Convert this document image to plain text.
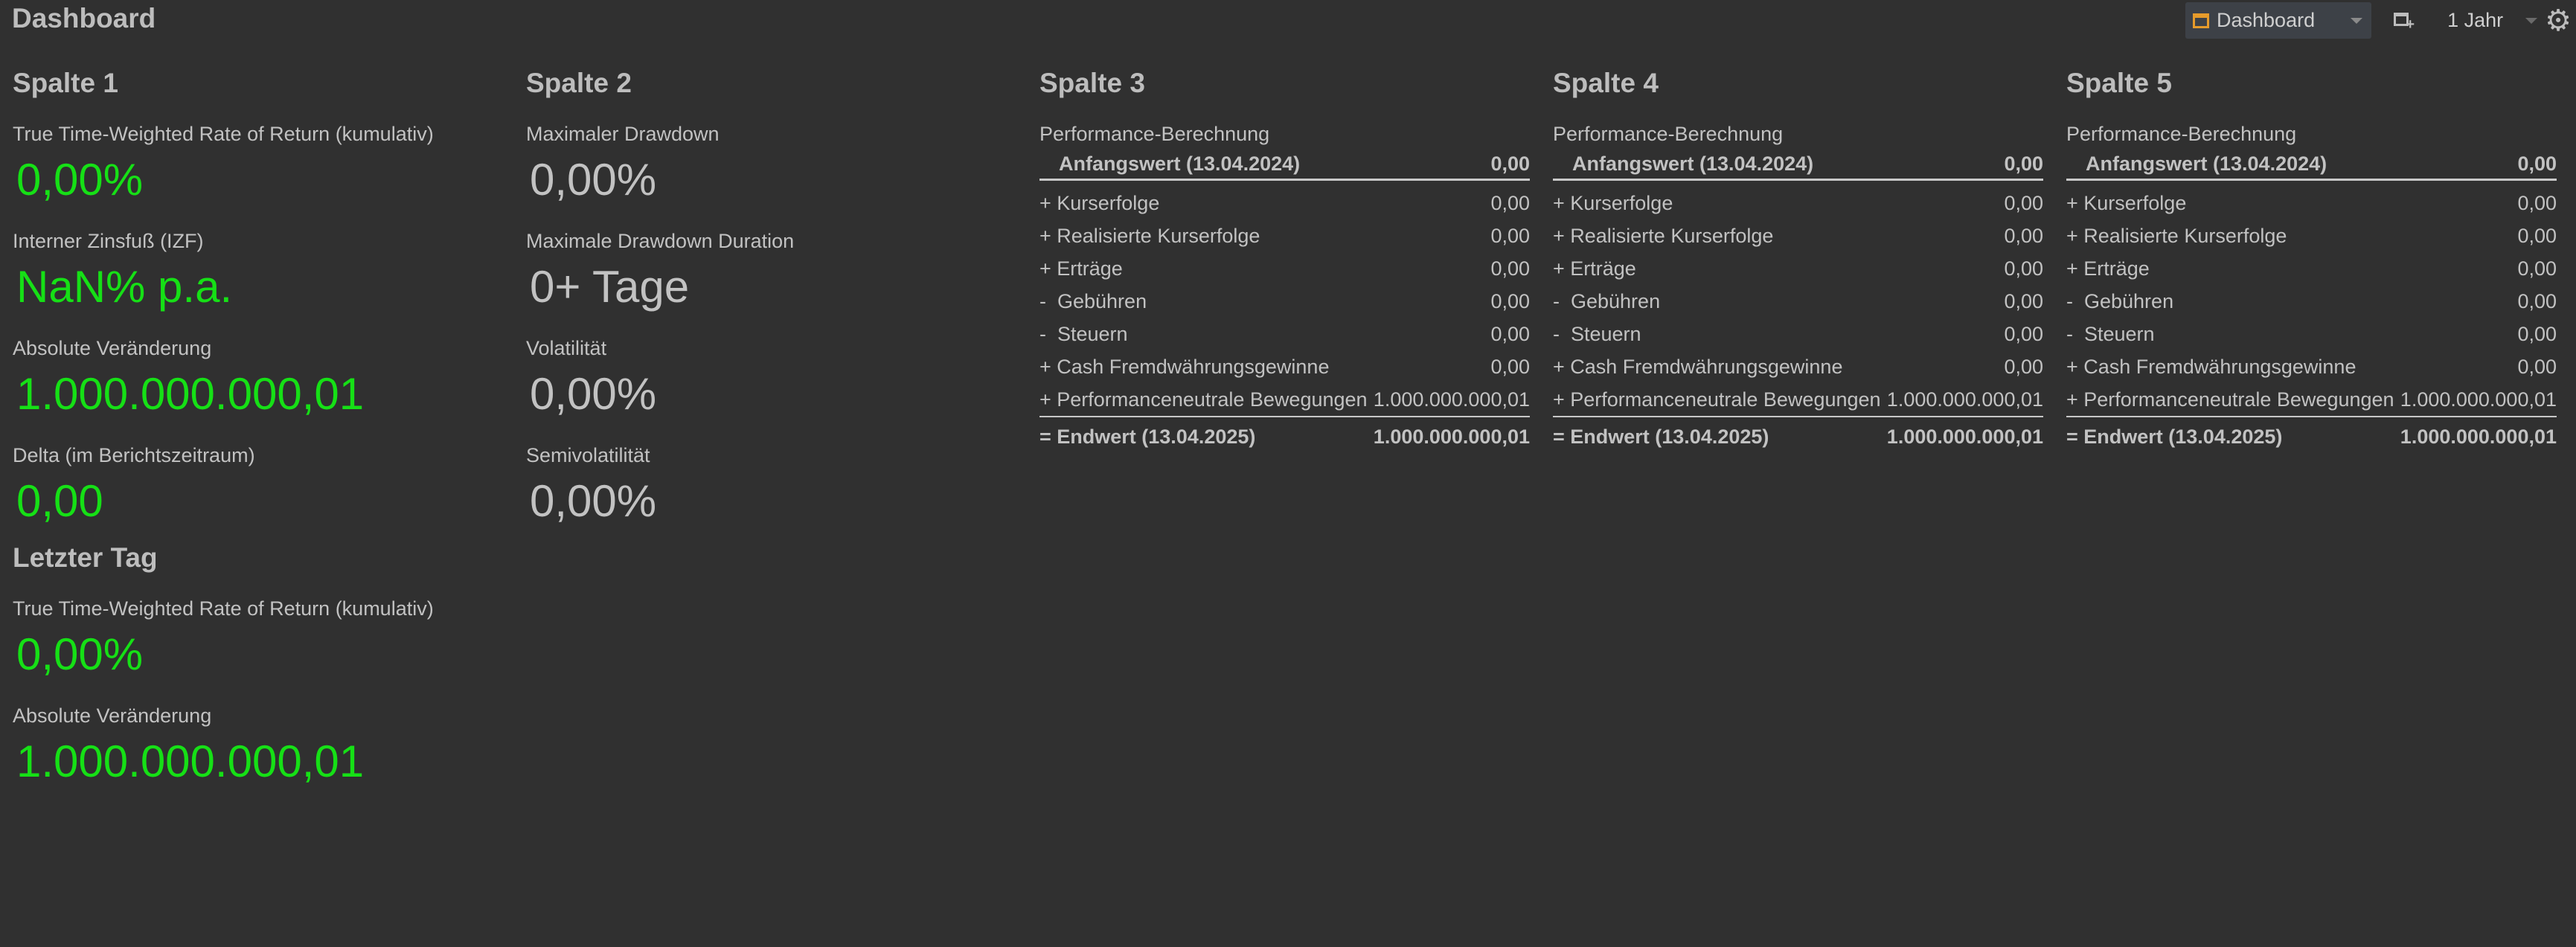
Dashboard	Dashboard	+ 1 Jahr ⚙
Spalte 1
True Time-Weighted Rate of Return (kumulativ)
0,00%
Interner Zinsfuß (IZF)
NaN% p.a.
Absolute Veränderung
1.000.000.000,01
Delta (im Berichtszeitraum)
0,00
Letzter Tag
True Time-Weighted Rate of Return (kumulativ)
0,00%
Absolute Veränderung
1.000.000.000,01
Spalte 2
Maximaler Drawdown
0,00%
Maximale Drawdown Duration
0+ Tage
Volatilität
0,00%
Semivolatilität
0,00%
Spalte 3
Performance-Berechnung
Anfangswert (13.04.2024)	0,00
+ Kurserfolge	0,00
+ Realisierte Kurserfolge	0,00
+ Erträge	0,00
-  Gebühren	0,00
-  Steuern	0,00
+ Cash Fremdwährungsgewinne	0,00
+ Performanceneutrale Bewegungen 1.000.000.000,01
= Endwert (13.04.2025)	1.000.000.000,01
Spalte 4
Performance-Berechnung
Anfangswert (13.04.2024)	0,00
+ Kurserfolge	0,00
+ Realisierte Kurserfolge	0,00
+ Erträge	0,00
-  Gebühren	0,00
-  Steuern	0,00
+ Cash Fremdwährungsgewinne	0,00
+ Performanceneutrale Bewegungen 1.000.000.000,01
= Endwert (13.04.2025)	1.000.000.000,01
Spalte 5
Performance-Berechnung
Anfangswert (13.04.2024)	0,00
+ Kurserfolge	0,00
+ Realisierte Kurserfolge	0,00
+ Erträge	0,00
-  Gebühren	0,00
-  Steuern	0,00
+ Cash Fremdwährungsgewinne	0,00
+ Performanceneutrale Bewegungen 1.000.000.000,01
= Endwert (13.04.2025)	1.000.000.000,01
